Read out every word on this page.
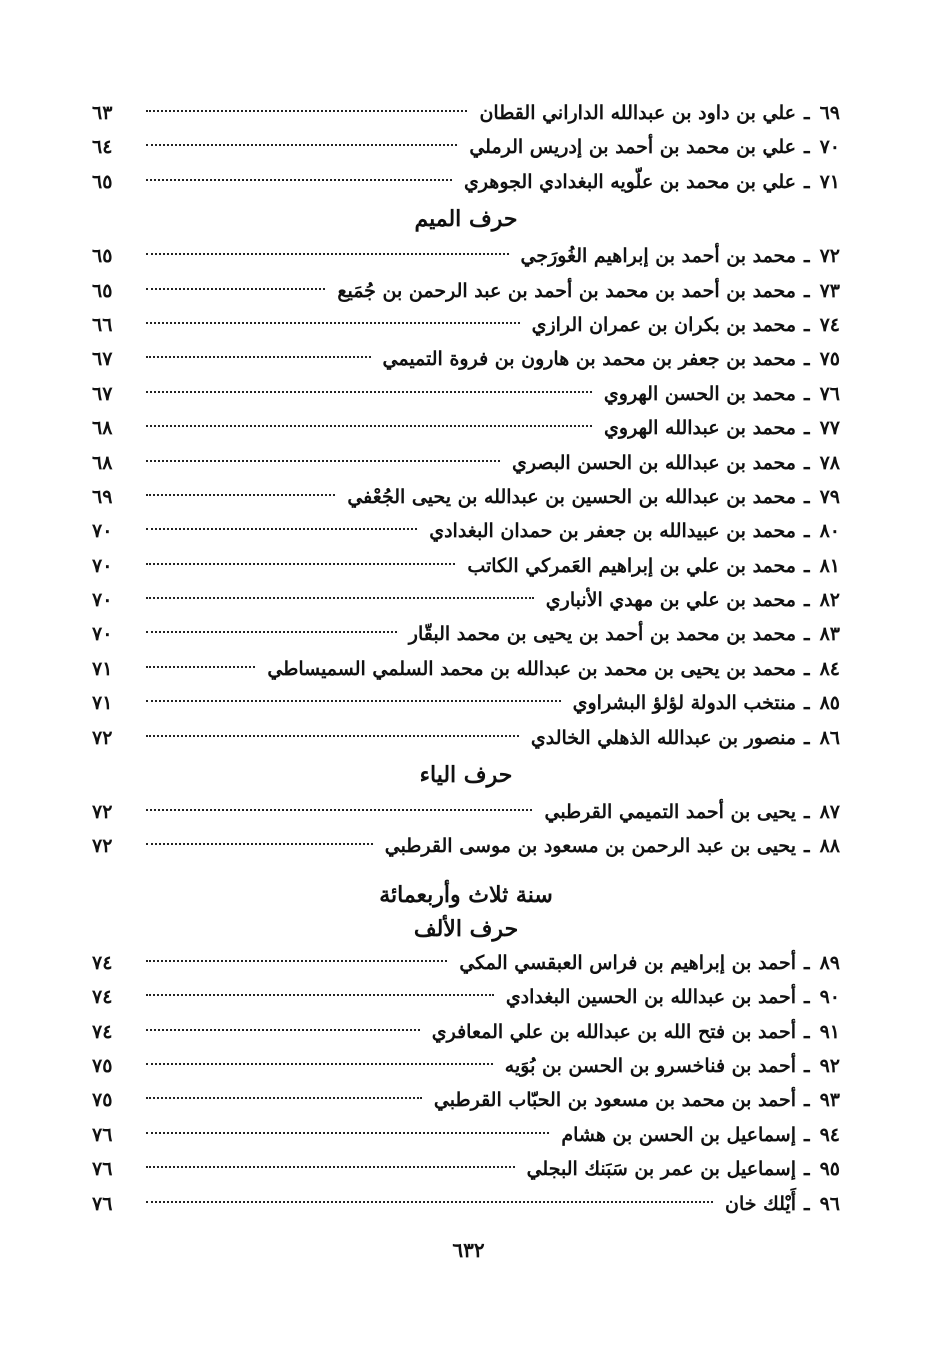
٦٩
ـ
علي بن داود بن عبدالله الداراني القطان
٦٣
٧٠
ـ
علي بن محمد بن أحمد بن إدريس الرملي
٦٤
٧١
ـ
علي بن محمد بن علّويه البغدادي الجوهري
٦٥
حرف الميم
٧٢
ـ
محمد بن أحمد بن إبراهيم الغُورَجي
٦٥
٧٣
ـ
محمد بن أحمد بن محمد بن أحمد بن عبد الرحمن بن جُمَيع
٦٥
٧٤
ـ
محمد بن بكران بن عمران الرازي
٦٦
٧٥
ـ
محمد بن جعفر بن محمد بن هارون بن فروة التميمي
٦٧
٧٦
ـ
محمد بن الحسن الهروي
٦٧
٧٧
ـ
محمد بن عبدالله الهروي
٦٨
٧٨
ـ
محمد بن عبدالله بن الحسن البصري
٦٨
٧٩
ـ
محمد بن عبدالله بن الحسين بن عبدالله بن يحيى الجُعْفي
٦٩
٨٠
ـ
محمد بن عبيدالله بن جعفر بن حمدان البغدادي
٧٠
٨١
ـ
محمد بن علي بن إبراهيم العَمركي الكاتب
٧٠
٨٢
ـ
محمد بن علي بن مهدي الأنباري
٧٠
٨٣
ـ
محمد بن محمد بن أحمد بن يحيى بن محمد البقّار
٧٠
٨٤
ـ
محمد بن يحيى بن محمد بن عبدالله بن محمد السلمي السميساطي
٧١
٨٥
ـ
منتخب الدولة لؤلؤ البشراوي
٧١
٨٦
ـ
منصور بن عبدالله الذهلي الخالدي
٧٢
حرف الياء
٨٧
ـ
يحيى بن أحمد التميمي القرطبي
٧٢
٨٨
ـ
يحيى بن عبد الرحمن بن مسعود بن موسى القرطبي
٧٢
سنة ثلاث وأربعمائة
حرف الألف
٨٩
ـ
أحمد بن إبراهيم بن فراس العبقسي المكي
٧٤
٩٠
ـ
أحمد بن عبدالله بن الحسين البغدادي
٧٤
٩١
ـ
أحمد بن فتح الله بن عبدالله بن علي المعافري
٧٤
٩٢
ـ
أحمد بن فناخسرو بن الحسن بن بُوَيه
٧٥
٩٣
ـ
أحمد بن محمد بن مسعود بن الحبّاب القرطبي
٧٥
٩٤
ـ
إسماعيل بن الحسن بن هشام
٧٦
٩٥
ـ
إسماعيل بن عمر بن سَبَنك البجلي
٧٦
٩٦
ـ
أَيْلك خان
٧٦
٦٣٢
